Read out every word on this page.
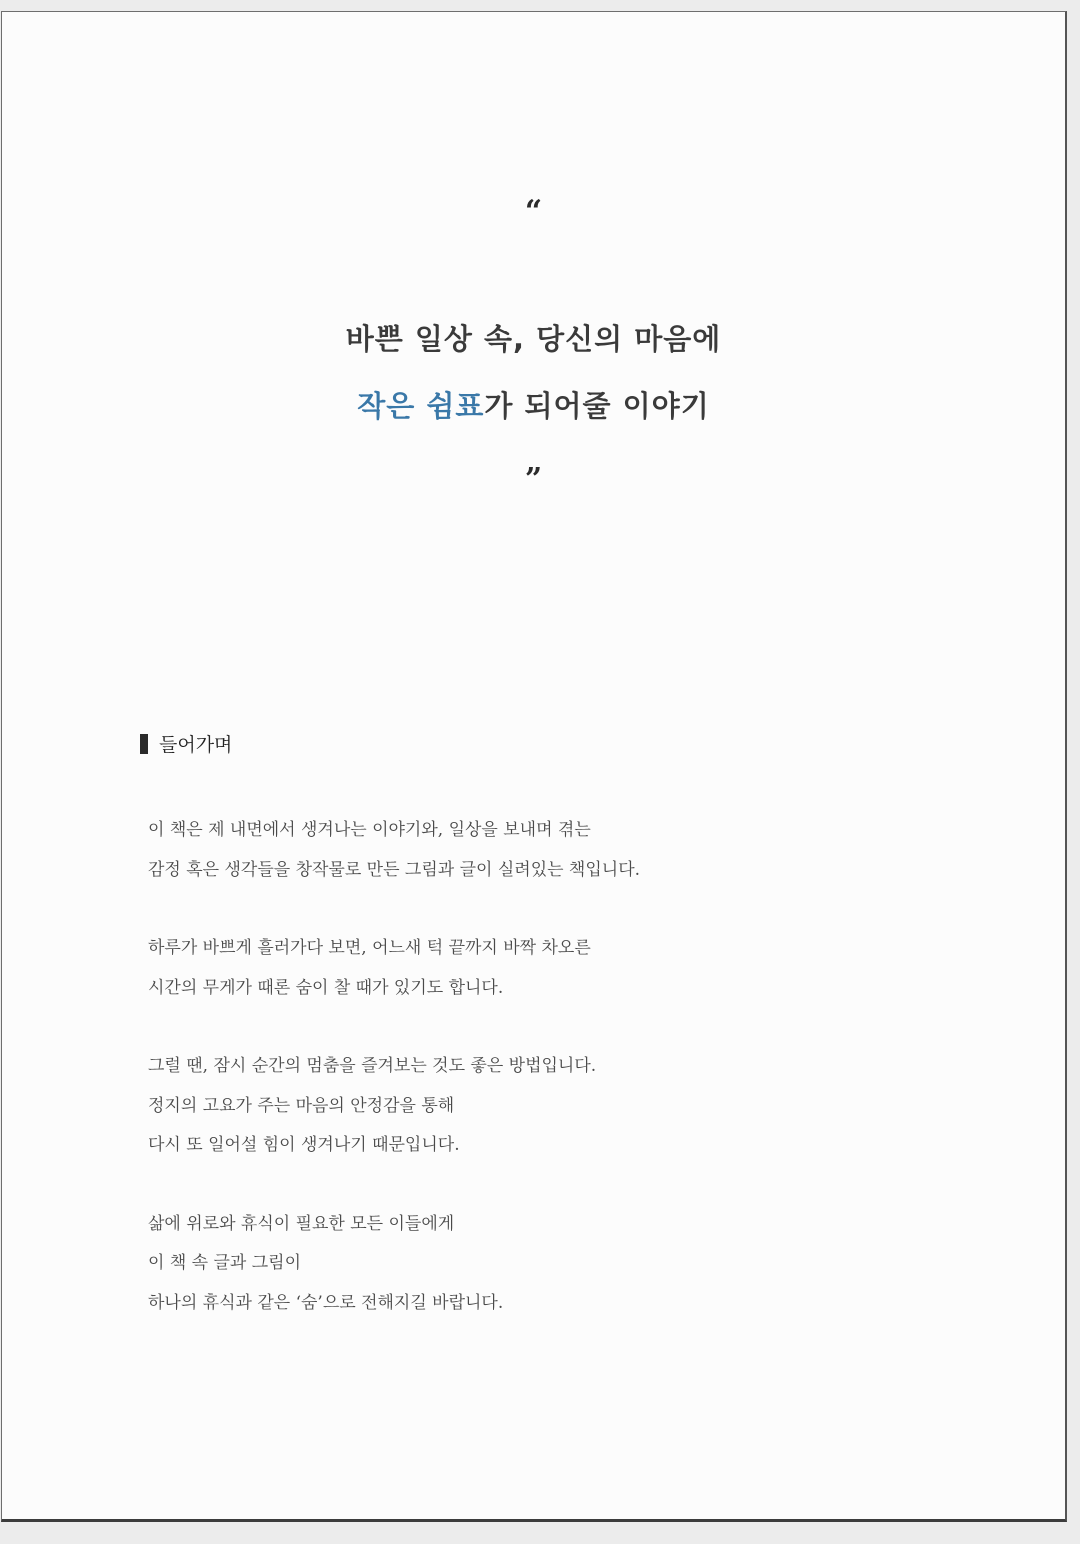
“
바쁜 일상 속, 당신의 마음에
작은 쉼표가 되어줄 이야기
”
들어가며
이 책은 제 내면에서 생겨나는 이야기와, 일상을 보내며 겪는
감정 혹은 생각들을 창작물로 만든 그림과 글이 실려있는 책입니다.
하루가 바쁘게 흘러가다 보면, 어느새 턱 끝까지 바짝 차오른
시간의 무게가 때론 숨이 찰 때가 있기도 합니다.
그럴 땐, 잠시 순간의 멈춤을 즐겨보는 것도 좋은 방법입니다.
정지의 고요가 주는 마음의 안정감을 통해
다시 또 일어설 힘이 생겨나기 때문입니다.
삶에 위로와 휴식이 필요한 모든 이들에게
이 책 속 글과 그림이
하나의 휴식과 같은 ‘숨’으로 전해지길 바랍니다.
